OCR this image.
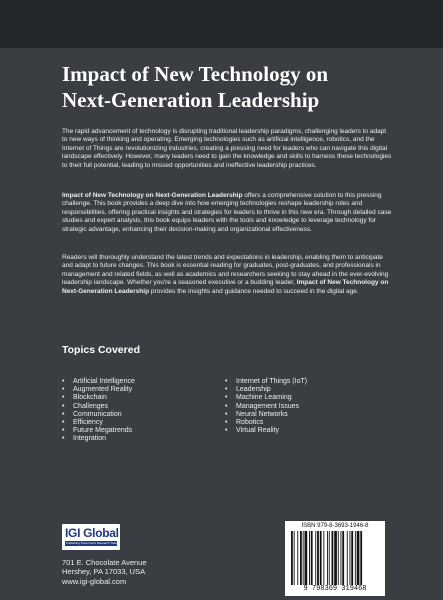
Impact of New Technology on
Next-Generation Leadership

The rapid advancement of technology is disrupting traditional leadership paradigms, challenging leaders to adapt to new ways of thinking and operating. Emerging technologies such as artificial intelligence, robotics, and the Internet of Things are revolutionizing industries, creating a pressing need for leaders who can navigate this digital landscape effectively. However, many leaders need to gain the knowledge and skills to harness these technologies to their full potential, leading to missed opportunities and ineffective leadership practices.

Impact of New Technology on Next-Generation Leadership offers a comprehensive solution to this pressing challenge. This book provides a deep dive into how emerging technologies reshape leadership roles and responsibilities, offering practical insights and strategies for leaders to thrive in this new era. Through detailed case studies and expert analysis, this book equips leaders with the tools and knowledge to leverage technology for strategic advantage, enhancing their decision-making and organizational effectiveness.

Readers will thoroughly understand the latest trends and expectations in leadership, enabling them to anticipate and adapt to future changes. This book is essential reading for graduates, post-graduates, and professionals in management and related fields, as well as academics and researchers seeking to stay ahead in the ever-evolving leadership landscape. Whether you're a seasoned executive or a budding leader, Impact of New Technology on Next-Generation Leadership provides the insights and guidance needed to succeed in the digital age.

Topics Covered
• Artificial Intelligence
• Augmented Reality
• Blockchain
• Challenges
• Communication
• Efficiency
• Future Megatrends
• Integration
• Internet of Things (IoT)
• Leadership
• Machine Learning
• Management Issues
• Neural Networks
• Robotics
• Virtual Reality
IGI Global
Publishing Tomorrow's Research Today
701 E. Chocolate Avenue
Hershey, PA 17033, USA
www.igi-global.com
ISBN 979-8-3693-1946-8
9 798369 319468
